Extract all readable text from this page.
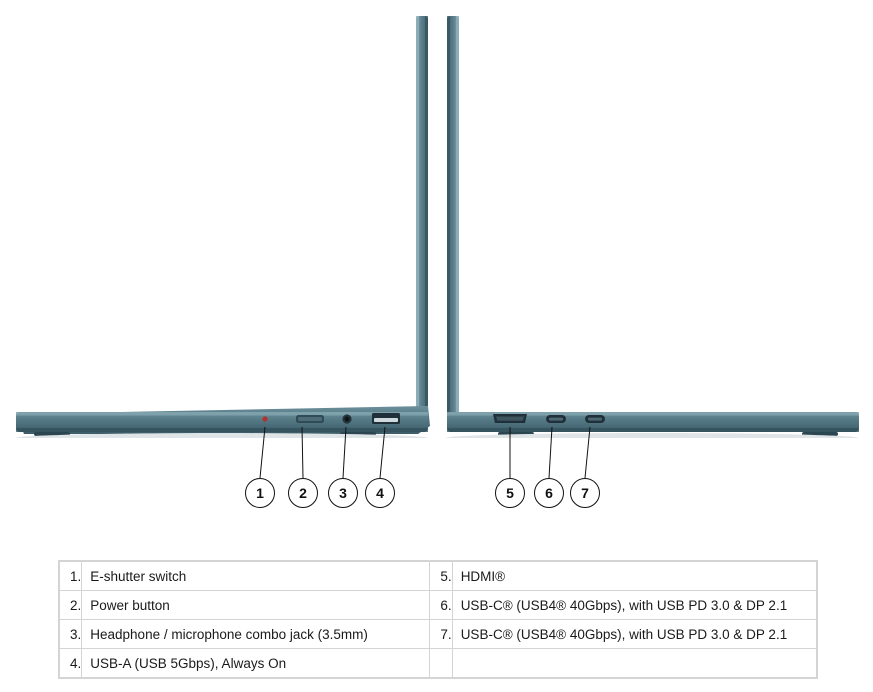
1	2	3	4	5	6	7
1.	E-shutter switch	5.	HDMI®
2.	Power button	6.	USB-C® (USB4® 40Gbps), with USB PD 3.0 & DP 2.1
3.	Headphone / microphone combo jack (3.5mm)	7.	USB-C® (USB4® 40Gbps), with USB PD 3.0 & DP 2.1
4.	USB-A (USB 5Gbps), Always On		
